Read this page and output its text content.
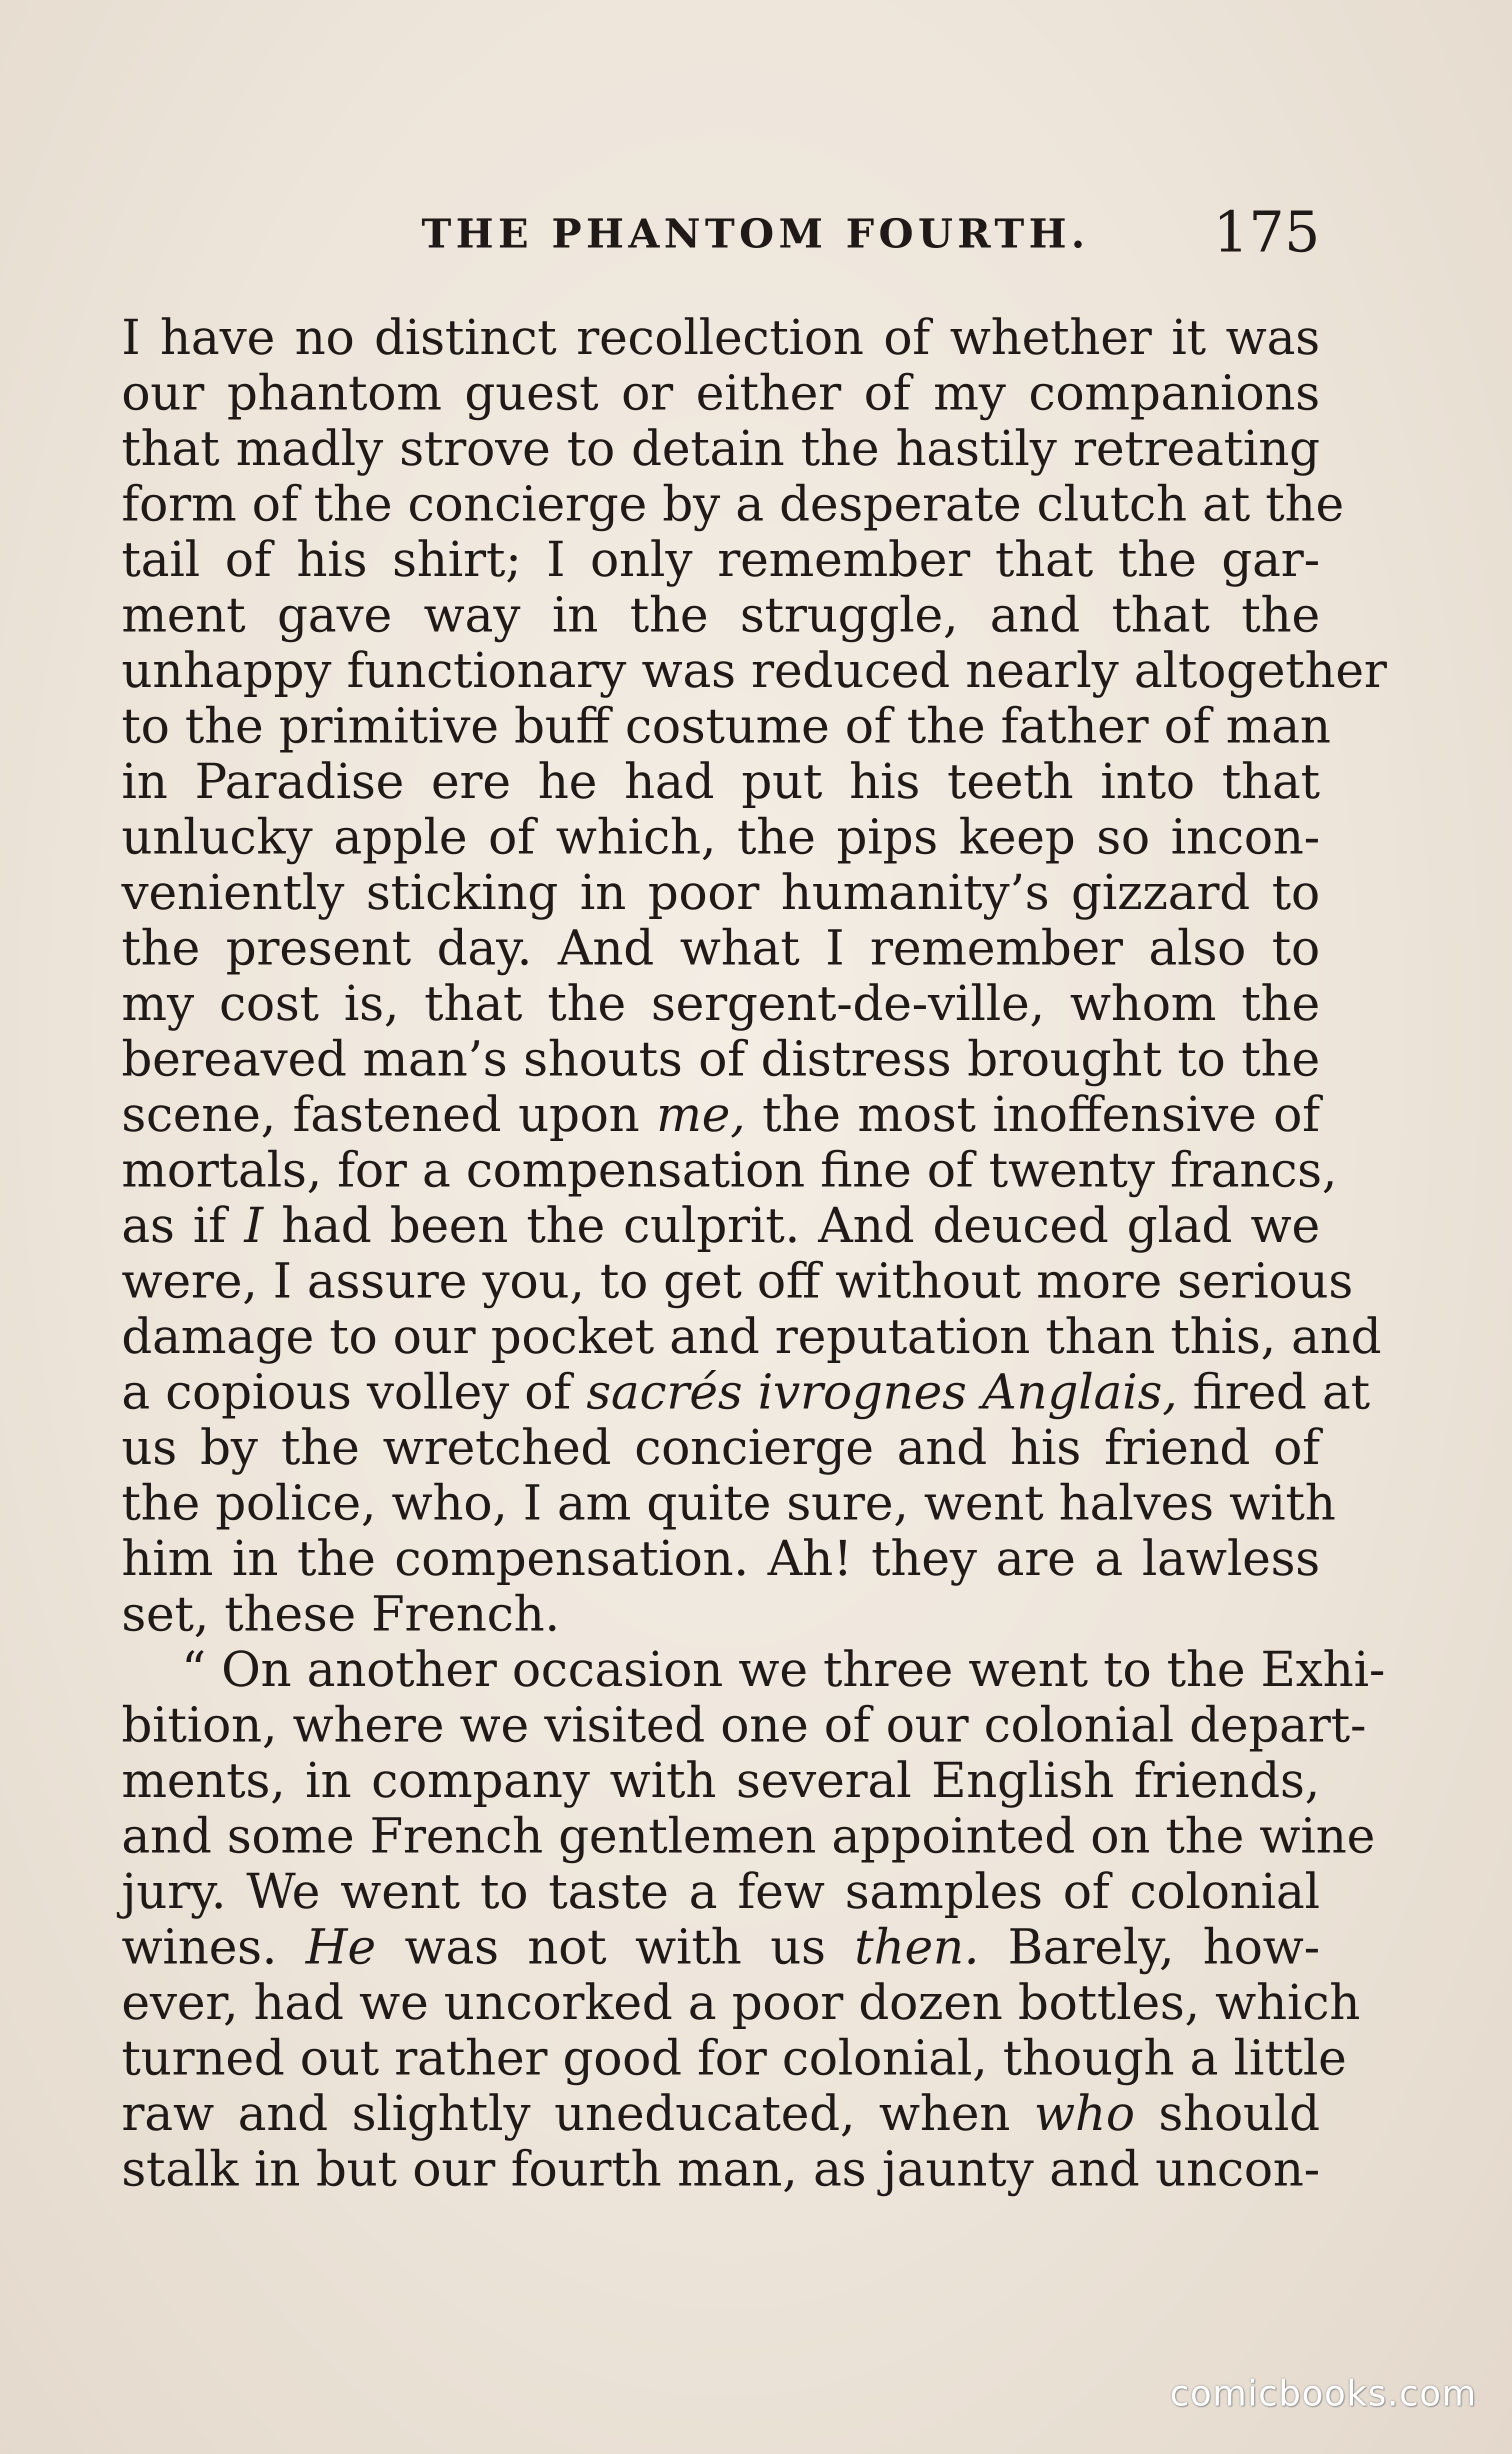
THE PHANTOM FOURTH. 175
I have no distinct recollection of whether it was
our phantom guest or either of my companions
that madly strove to detain the hastily retreating
form of the concierge by a desperate clutch at the
tail of his shirt; I only remember that the gar-
ment gave way in the struggle, and that the
unhappy functionary was reduced nearly altogether
to the primitive buff costume of the father of man
in Paradise ere he had put his teeth into that
unlucky apple of which, the pips keep so incon-
veniently sticking in poor humanity’s gizzard to
the present day. And what I remember also to
my cost is, that the sergent-de-ville, whom the
bereaved man’s shouts of distress brought to the
scene, fastened upon me, the most inoffensive of
mortals, for a compensation fine of twenty francs,
as if I had been the culprit. And deuced glad we
were, I assure you, to get off without more serious
damage to our pocket and reputation than this, and
a copious volley of sacrés ivrognes Anglais, fired at
us by the wretched concierge and his friend of
the police, who, I am quite sure, went halves with
him in the compensation. Ah! they are a lawless
set, these French.
“ On another occasion we three went to the Exhi-
bition, where we visited one of our colonial depart-
ments, in company with several English friends,
and some French gentlemen appointed on the wine
jury. We went to taste a few samples of colonial
wines. He was not with us then. Barely, how-
ever, had we uncorked a poor dozen bottles, which
turned out rather good for colonial, though a little
raw and slightly uneducated, when who should
stalk in but our fourth man, as jaunty and uncon-
comicbooks.com
